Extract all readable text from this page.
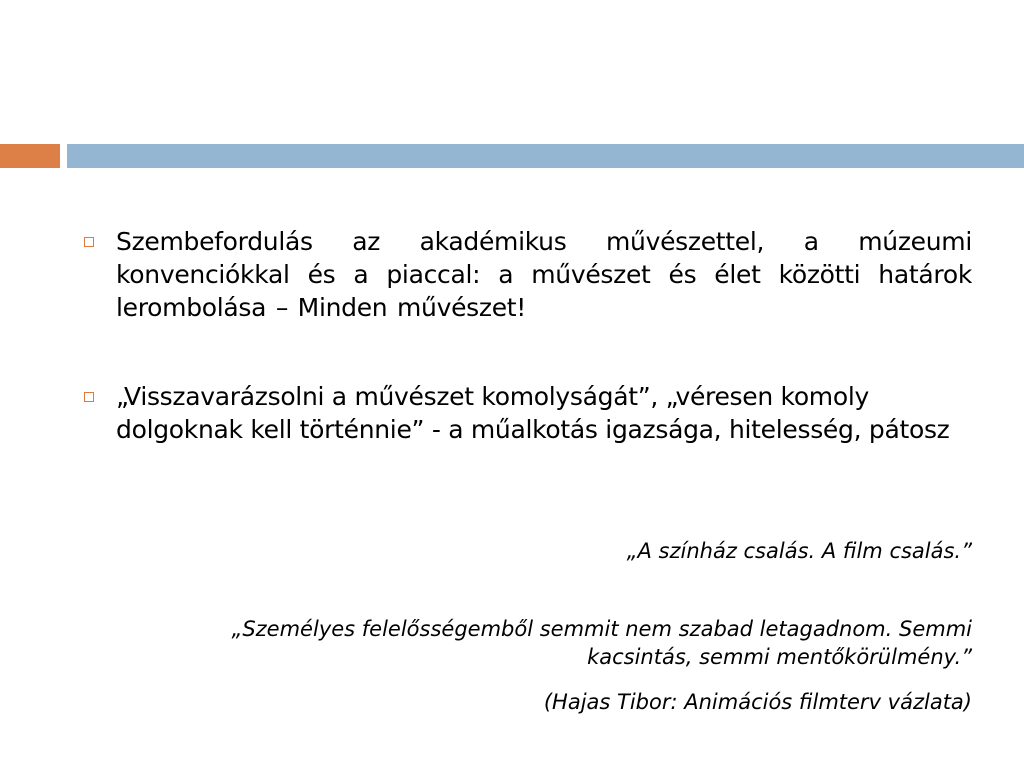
Szembefordulás az akadémikus művészettel, a múzeumi konvenciókkal és a piaccal: a művészet és élet közötti határok lerombolása – Minden művészet!
„Visszavarázsolni a művészet komolyságát”, „véresen komoly dolgoknak kell történnie” - a műalkotás igazsága, hitelesség, pátosz
„A színház csalás. A film csalás.”
„Személyes felelősségemből semmit nem szabad letagadnom. Semmi kacsintás, semmi mentőkörülmény.”
(Hajas Tibor: Animációs filmterv vázlata)
